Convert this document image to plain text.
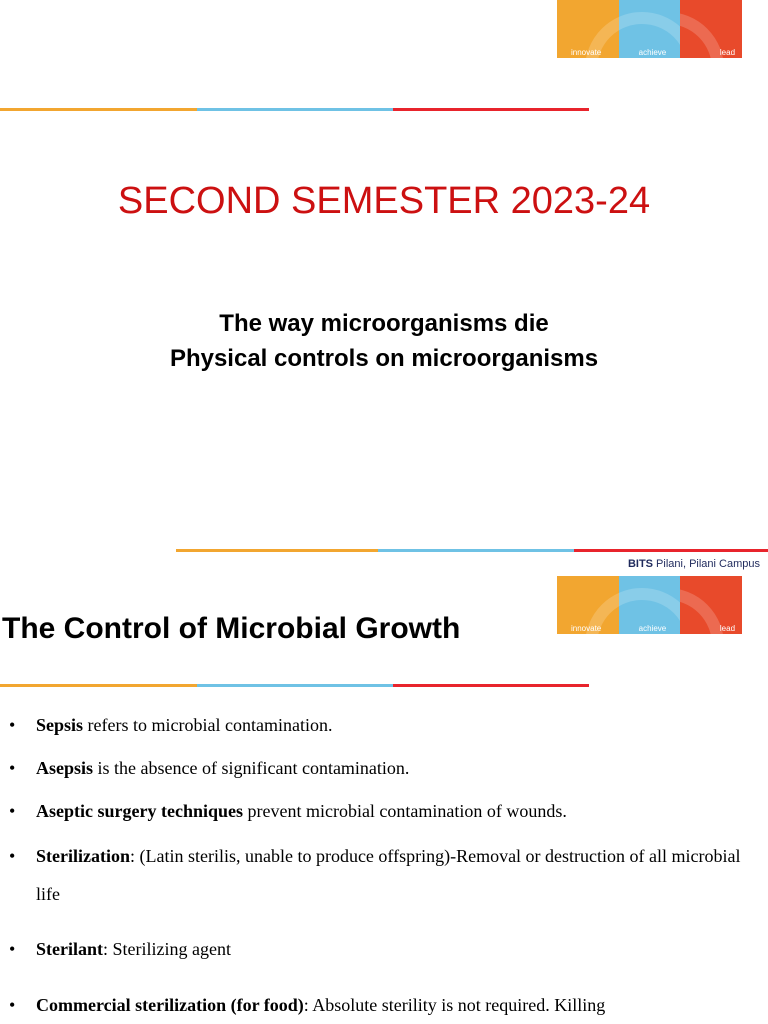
innovate	achieve	lead
SECOND SEMESTER 2023-24
The way microorganisms die
Physical controls on microorganisms
BITS Pilani, Pilani Campus
innovate	achieve	lead
The Control of Microbial Growth
• Sepsis refers to microbial contamination.
• Asepsis is the absence of significant contamination.
• Aseptic surgery techniques prevent microbial contamination of wounds.
• Sterilization: (Latin sterilis, unable to produce offspring)-Removal or destruction of all microbial life
• Sterilant: Sterilizing agent
• Commercial sterilization (for food): Absolute sterility is not required. Killing
